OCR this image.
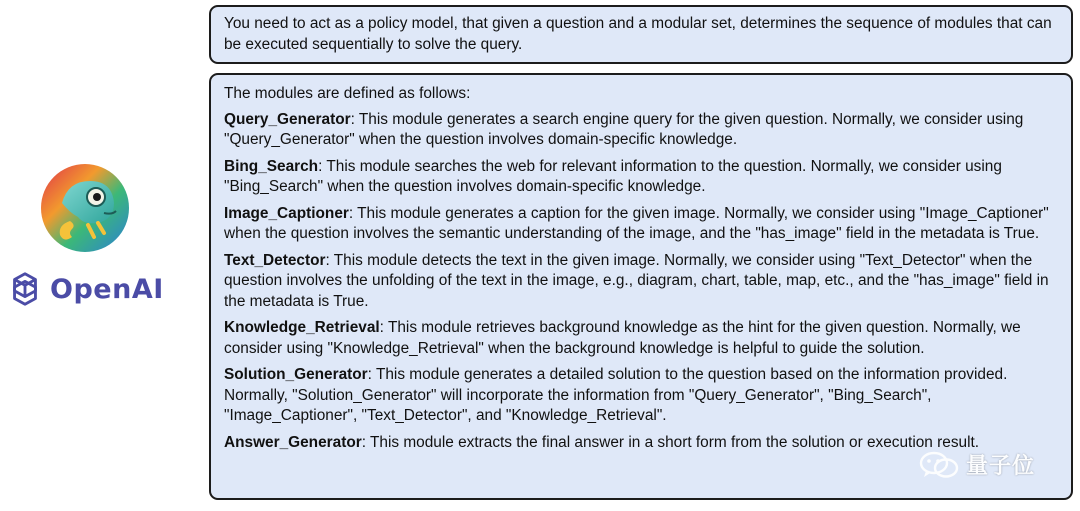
OpenAI
You need to act as a policy model, that given a question and a modular set, determines the sequence of modules that can be executed sequentially to solve the query.
The modules are defined as follows:
Query_Generator: This module generates a search engine query for the given question. Normally, we consider using "Query_Generator" when the question involves domain-specific knowledge.
Bing_Search: This module searches the web for relevant information to the question. Normally, we consider using "Bing_Search" when the question involves domain-specific knowledge.
Image_Captioner: This module generates a caption for the given image. Normally, we consider using "Image_Captioner" when the question involves the semantic understanding of the image, and the "has_image" field in the metadata is True.
Text_Detector: This module detects the text in the given image. Normally, we consider using "Text_Detector" when the question involves the unfolding of the text in the image, e.g., diagram, chart, table, map, etc., and the "has_image" field in the metadata is True.
Knowledge_Retrieval: This module retrieves background knowledge as the hint for the given question. Normally, we consider using "Knowledge_Retrieval" when the background knowledge is helpful to guide the solution.
Solution_Generator: This module generates a detailed solution to the question based on the information provided. Normally, "Solution_Generator" will incorporate the information from "Query_Generator", "Bing_Search", "Image_Captioner", "Text_Detector", and "Knowledge_Retrieval".
Answer_Generator: This module extracts the final answer in a short form from the solution or execution result.
量子位
